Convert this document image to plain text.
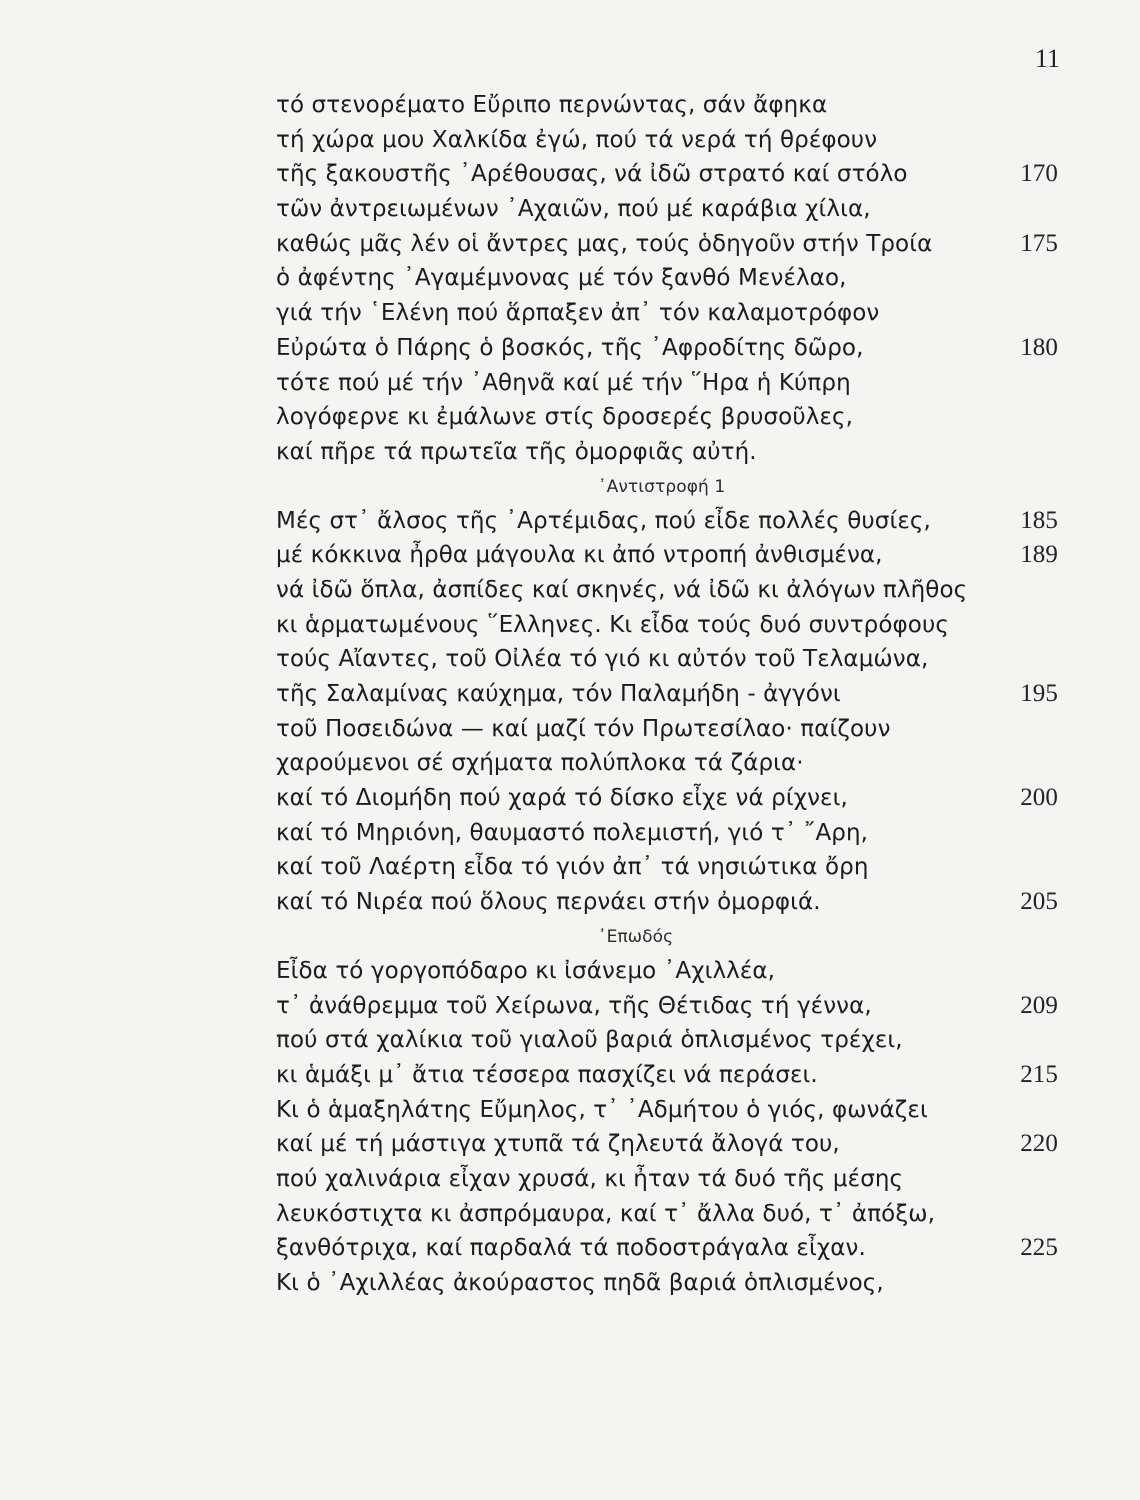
11
τό στενορέματο Εὔριπο περνώντας, σάν ἄφηκα
τή χώρα μου Χαλκίδα ἐγώ, πού τά νερά τή θρέφουν
τῆς ξακουστῆς ᾿Αρέθουσας, νά ἰδῶ στρατό καί στόλο	170
τῶν ἀντρειωμένων ᾿Αχαιῶν, πού μέ καράβια χίλια,
καθώς μᾶς λέν οἱ ἄντρες μας, τούς ὁδηγοῦν στήν Τροία	175
ὁ ἀφέντης ᾿Αγαμέμνονας μέ τόν ξανθό Μενέλαο,
γιά τήν ῾Ελένη πού ἅρπαξεν ἀπ᾿ τόν καλαμοτρόφον
Εὐρώτα ὁ Πάρης ὁ βοσκός, τῆς ᾿Αφροδίτης δῶρο,	180
τότε πού μέ τήν ᾿Αθηνᾶ καί μέ τήν ῞Ηρα ἡ Κύπρη
λογόφερνε κι ἐμάλωνε στίς δροσερές βρυσοῦλες,
καί πῆρε τά πρωτεῖα τῆς ὀμορφιᾶς αὐτή.
᾿Αντιστροφή 1
Μές στ᾿ ἄλσος τῆς ᾿Αρτέμιδας, πού εἶδε πολλές θυσίες,	185
μέ κόκκινα ἦρθα μάγουλα κι ἀπό ντροπή ἀνθισμένα,	189
νά ἰδῶ ὅπλα, ἀσπίδες καί σκηνές, νά ἰδῶ κι ἀλόγων πλῆθος
κι ἁρματωμένους ῞Ελληνες. Κι εἶδα τούς δυό συντρόφους
τούς Αἴαντες, τοῦ Οἰλέα τό γιό κι αὐτόν τοῦ Τελαμώνα,
τῆς Σαλαμίνας καύχημα, τόν Παλαμήδη - ἀγγόνι	195
τοῦ Ποσειδώνα — καί μαζί τόν Πρωτεσίλαο· παίζουν
χαρούμενοι σέ σχήματα πολύπλοκα τά ζάρια·
καί τό Διομήδη πού χαρά τό δίσκο εἶχε νά ρίχνει,	200
καί τό Μηριόνη, θαυμαστό πολεμιστή, γιό τ᾿ ῎Αρη,
καί τοῦ Λαέρτη εἶδα τό γιόν ἀπ᾿ τά νησιώτικα ὄρη
καί τό Νιρέα πού ὅλους περνάει στήν ὀμορφιά.	205
᾿Επωδός
Εἶδα τό γοργοπόδαρο κι ἰσάνεμο ᾿Αχιλλέα,
τ᾿ ἀνάθρεμμα τοῦ Χείρωνα, τῆς Θέτιδας τή γέννα,	209
πού στά χαλίκια τοῦ γιαλοῦ βαριά ὁπλισμένος τρέχει,
κι ἁμάξι μ᾿ ἄτια τέσσερα πασχίζει νά περάσει.	215
Κι ὁ ἁμαξηλάτης Εὔμηλος, τ᾿ ᾿Αδμήτου ὁ γιός, φωνάζει
καί μέ τή μάστιγα χτυπᾶ τά ζηλευτά ἄλογά του,	220
πού χαλινάρια εἶχαν χρυσά, κι ἦταν τά δυό τῆς μέσης
λευκόστιχτα κι ἀσπρόμαυρα, καί τ᾿ ἄλλα δυό, τ᾿ ἀπόξω,
ξανθότριχα, καί παρδαλά τά ποδοστράγαλα εἶχαν.	225
Κι ὁ ᾿Αχιλλέας ἀκούραστος πηδᾶ βαριά ὁπλισμένος,
